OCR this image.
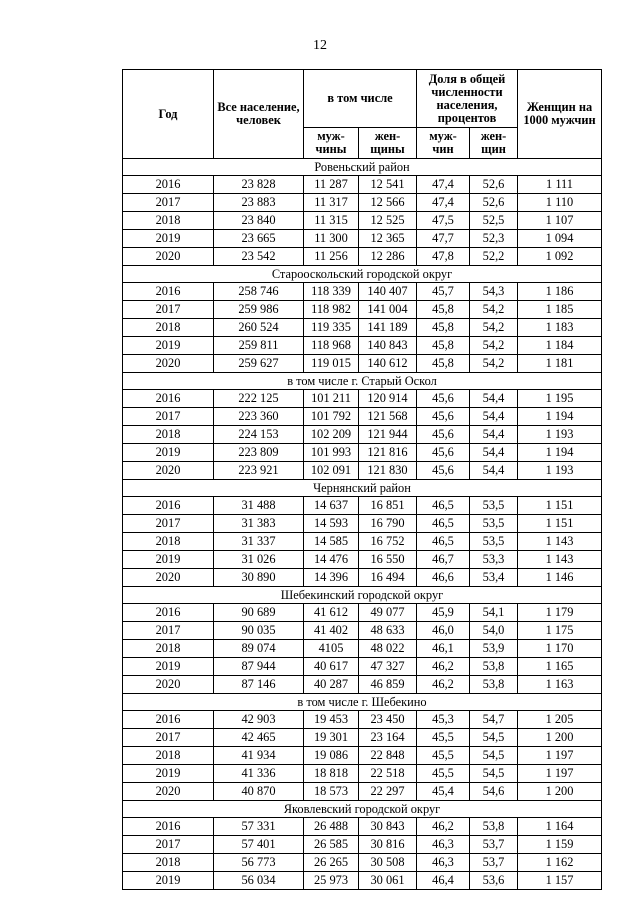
12
Год	Все население, человек	в том числе		Доля в общей численности населения, процентов		Женщин на 1000 мужчин
		муж- чины	жен- щины	муж- чин	жен- щин	
Ровеньский район						
2016	23 828	11 287	12 541	47,4	52,6	1 111
2017	23 883	11 317	12 566	47,4	52,6	1 110
2018	23 840	11 315	12 525	47,5	52,5	1 107
2019	23 665	11 300	12 365	47,7	52,3	1 094
2020	23 542	11 256	12 286	47,8	52,2	1 092
Старооскольский городской округ						
2016	258 746	118 339	140 407	45,7	54,3	1 186
2017	259 986	118 982	141 004	45,8	54,2	1 185
2018	260 524	119 335	141 189	45,8	54,2	1 183
2019	259 811	118 968	140 843	45,8	54,2	1 184
2020	259 627	119 015	140 612	45,8	54,2	1 181
в том числе г. Старый Оскол						
2016	222 125	101 211	120 914	45,6	54,4	1 195
2017	223 360	101 792	121 568	45,6	54,4	1 194
2018	224 153	102 209	121 944	45,6	54,4	1 193
2019	223 809	101 993	121 816	45,6	54,4	1 194
2020	223 921	102 091	121 830	45,6	54,4	1 193
Чернянский район						
2016	31 488	14 637	16 851	46,5	53,5	1 151
2017	31 383	14 593	16 790	46,5	53,5	1 151
2018	31 337	14 585	16 752	46,5	53,5	1 143
2019	31 026	14 476	16 550	46,7	53,3	1 143
2020	30 890	14 396	16 494	46,6	53,4	1 146
Шебекинский городской округ						
2016	90 689	41 612	49 077	45,9	54,1	1 179
2017	90 035	41 402	48 633	46,0	54,0	1 175
2018	89 074	4105	48 022	46,1	53,9	1 170
2019	87 944	40 617	47 327	46,2	53,8	1 165
2020	87 146	40 287	46 859	46,2	53,8	1 163
в том числе г. Шебекино						
2016	42 903	19 453	23 450	45,3	54,7	1 205
2017	42 465	19 301	23 164	45,5	54,5	1 200
2018	41 934	19 086	22 848	45,5	54,5	1 197
2019	41 336	18 818	22 518	45,5	54,5	1 197
2020	40 870	18 573	22 297	45,4	54,6	1 200
Яковлевский городской округ						
2016	57 331	26 488	30 843	46,2	53,8	1 164
2017	57 401	26 585	30 816	46,3	53,7	1 159
2018	56 773	26 265	30 508	46,3	53,7	1 162
2019	56 034	25 973	30 061	46,4	53,6	1 157
